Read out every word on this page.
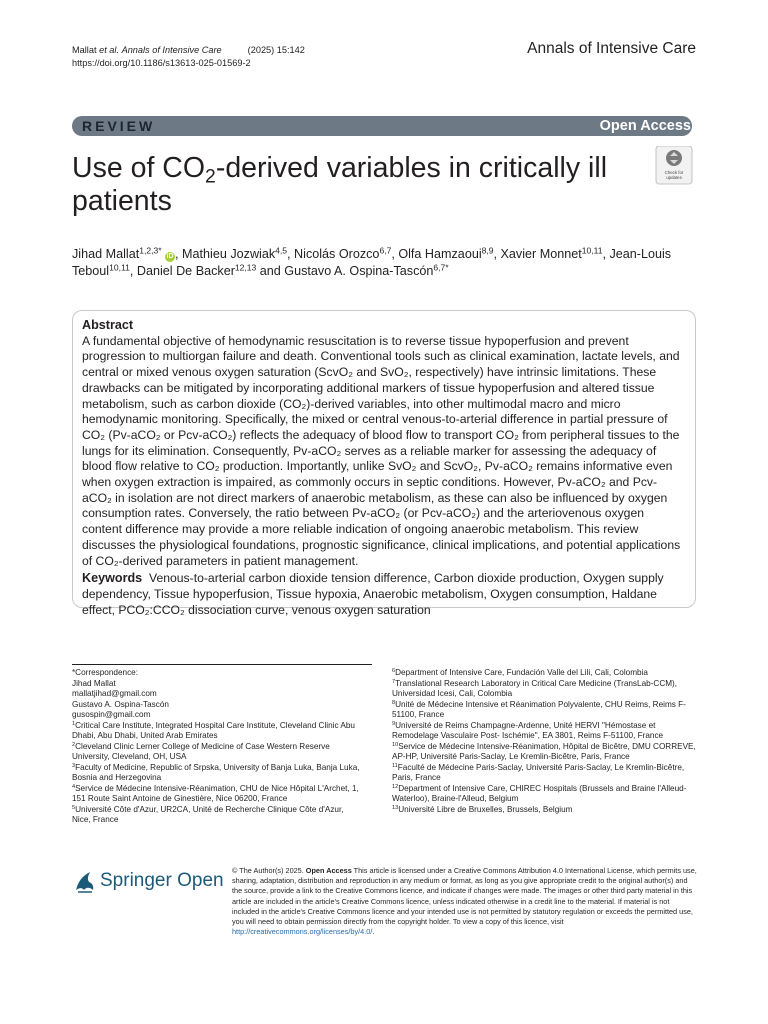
Mallat et al. Annals of Intensive Care	(2025) 15:142
https://doi.org/10.1186/s13613-025-01569-2
Annals of Intensive Care
REVIEW	Open Access
Use of $CO_2$-derived variables in critically ill patients
Check for
updates
Jihad Mallat$^{1,2,3*}$ iD , Mathieu Jozwiak$^{4,5}$, Nicolás Orozco$^{6,7}$, Olfa Hamzaoui$^{8,9}$, Xavier Monnet$^{10,11}$, Jean-Louis Teboul$^{10,11}$, Daniel De Backer$^{12,13}$ and Gustavo A. Ospina-Tascón$^{6,7*}$
Abstract
A fundamental objective of hemodynamic resuscitation is to reverse tissue hypoperfusion and prevent progression to multiorgan failure and death. Conventional tools such as clinical examination, lactate levels, and central or mixed venous oxygen saturation (ScvO₂ and SvO₂, respectively) have intrinsic limitations. These drawbacks can be mitigated by incorporating additional markers of tissue hypoperfusion and altered tissue metabolism, such as carbon dioxide (CO₂)-derived variables, into other multimodal macro and micro hemodynamic monitoring. Specifically, the mixed or central venous-to-arterial difference in partial pressure of CO₂ (Pv-aCO₂ or Pcv-aCO₂) reflects the adequacy of blood flow to transport CO₂ from peripheral tissues to the lungs for its elimination. Consequently, Pv-aCO₂ serves as a reliable marker for assessing the adequacy of blood flow relative to CO₂ production. Importantly, unlike SvO₂ and ScvO₂, Pv-aCO₂ remains informative even when oxygen extraction is impaired, as commonly occurs in septic conditions. However, Pv-aCO₂ and Pcv-aCO₂ in isolation are not direct markers of anaerobic metabolism, as these can also be influenced by oxygen consumption rates. Conversely, the ratio between Pv-aCO₂ (or Pcv-aCO₂) and the arteriovenous oxygen content difference may provide a more reliable indication of ongoing anaerobic metabolism. This review discusses the physiological foundations, prognostic significance, clinical implications, and potential applications of CO₂-derived parameters in patient management.
Keywords Venous-to-arterial carbon dioxide tension difference, Carbon dioxide production, Oxygen supply dependency, Tissue hypoperfusion, Tissue hypoxia, Anaerobic metabolism, Oxygen consumption, Haldane effect, PCO₂:CCO₂ dissociation curve, venous oxygen saturation

*Correspondence:

Jihad Mallat

mallatjihad@gmail.com

Gustavo A. Ospina-Tascón

gusospin@gmail.com

$^1$Critical Care Institute, Integrated Hospital Care Institute, Cleveland Clinic Abu Dhabi, Abu Dhabi, United Arab Emirates

$^2$Cleveland Clinic Lerner College of Medicine of Case Western Reserve University, Cleveland, OH, USA

$^3$Faculty of Medicine, Republic of Srpska, University of Banja Luka, Banja Luka, Bosnia and Herzegovina

$^4$Service de Médecine Intensive-Réanimation, CHU de Nice Hôpital L'Archet, 1, 151 Route Saint Antoine de Ginestière, Nice 06200, France

$^5$Université Côte d'Azur, UR2CA, Unité de Recherche Clinique Côte d'Azur, Nice, France

$^6$Department of Intensive Care, Fundación Valle del Lili, Cali, Colombia

$^7$Translational Research Laboratory in Critical Care Medicine (TransLab-CCM), Universidad Icesi, Cali, Colombia

$^8$Unité de Médecine Intensive et Réanimation Polyvalente, CHU Reims, Reims F-51100, France

$^9$Université de Reims Champagne-Ardenne, Unité HERVI "Hémostase et Remodelage Vasculaire Post- Ischémie", EA 3801, Reims F-51100, France

$^{10}$Service de Médecine Intensive-Réanimation, Hôpital de Bicêtre, DMU CORREVE, AP-HP, Université Paris-Saclay, Le Kremlin-Bicêtre, Paris, France

$^{11}$Faculté de Médecine Paris-Saclay, Université Paris-Saclay, Le Kremlin-Bicêtre, Paris, France

$^{12}$Department of Intensive Care, CHIREC Hospitals (Brussels and Braine l'Alleud-Waterloo), Braine-l'Alleud, Belgium

$^{13}$Université Libre de Bruxelles, Brussels, Belgium

Springer Open © The Author(s) 2025. Open Access This article is licensed under a Creative Commons Attribution 4.0 International License, which permits use, sharing, adaptation, distribution and reproduction in any medium or format, as long as you give appropriate credit to the original author(s) and the source, provide a link to the Creative Commons licence, and indicate if changes were made. The images or other third party material in this article are included in the article's Creative Commons licence, unless indicated otherwise in a credit line to the material. If material is not included in the article's Creative Commons licence and your intended use is not permitted by statutory regulation or exceeds the permitted use, you will need to obtain permission directly from the copyright holder. To view a copy of this licence, visit http://creativecommons.org/licenses/by/4.0/.
